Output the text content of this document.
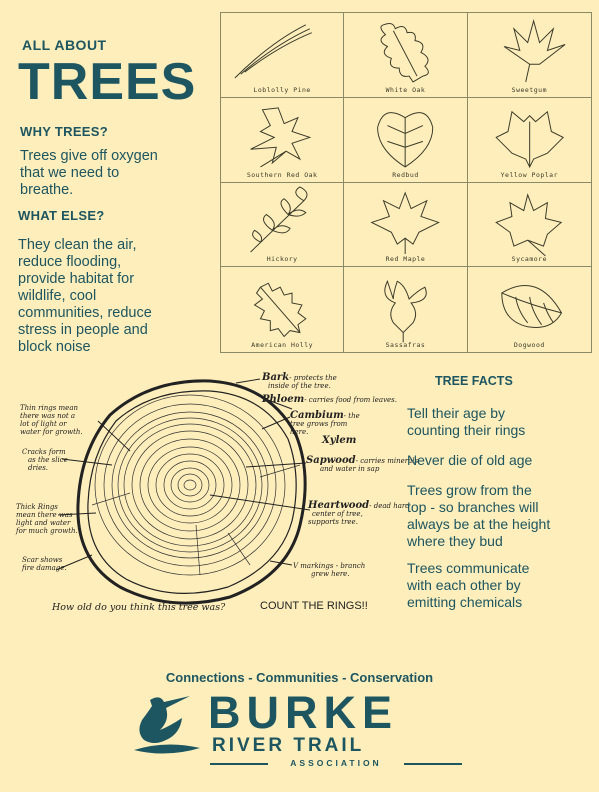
ALL ABOUT
TREES
WHY TREES?
Trees give off oxygen
that we need to
breathe.
WHAT ELSE?
They clean the air,
reduce flooding,
provide habitat for
wildlife, cool
communities, reduce
stress in people and
block noise
Loblolly Pine	White Oak	Sweetgum
Southern Red Oak	Redbud	Yellow Poplar
Hickory	Red Maple	Sycamore
American Holly	Sassafras	Dogwood
Bark- protects the
inside of the tree.
Phloem- carries food from leaves.
Cambium- the
tree grows from
here.
Xylem
Sapwood- carries minerals
and water in sap
Heartwood- dead hard
center of tree,
supports tree.
V markings - branch
grew here.
Thin rings mean
there was not a
lot of light or
water for growth.
Cracks form
as the slice
dries.
Thick Rings
mean there was
light and water
for much growth.
Scar shows
fire damage.
How old do you think this tree was?	COUNT THE RINGS!!
TREE FACTS
Tell their age by
counting their rings
Never die of old age
Trees grow from the
top - so branches will
always be at the height
where they bud
Trees communicate
with each other by
emitting chemicals
Connections - Communities - Conservation
BURKE
RIVER TRAIL
ASSOCIATION
